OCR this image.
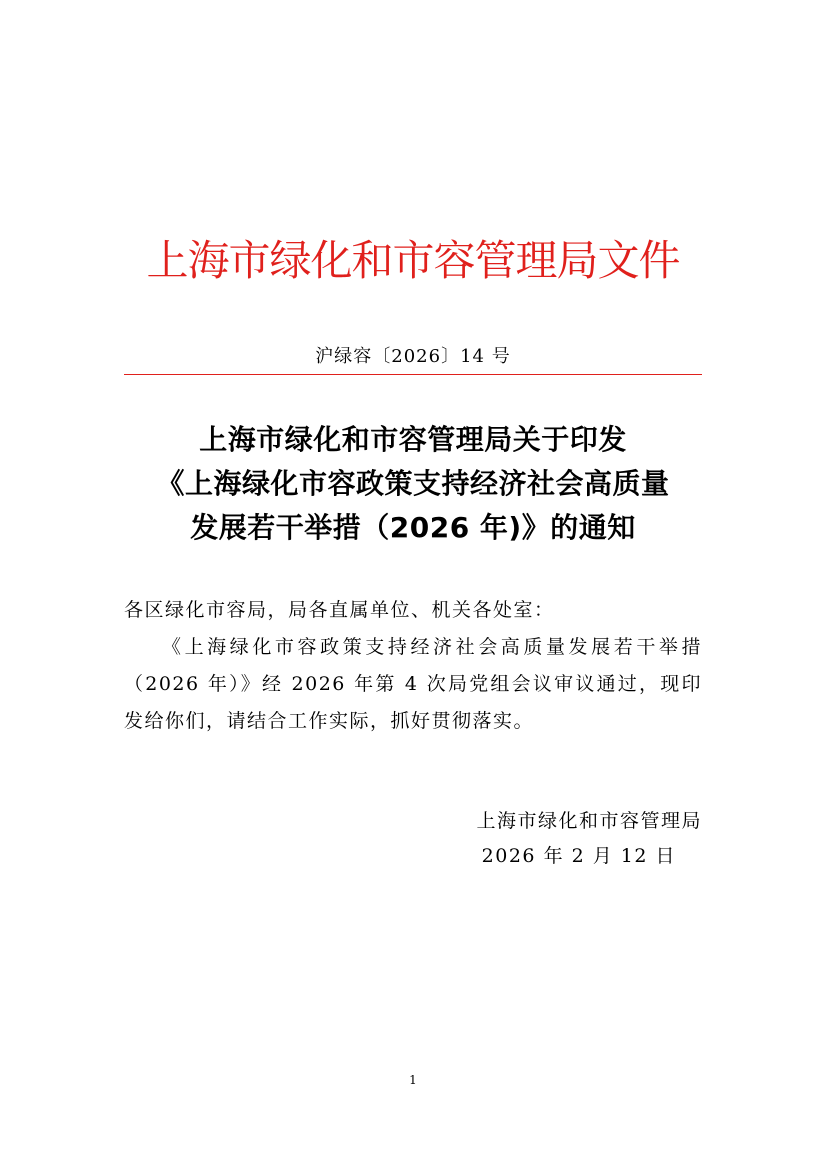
上海市绿化和市容管理局文件
沪绿容〔2026〕14 号
上海市绿化和市容管理局关于印发
《上海绿化市容政策支持经济社会高质量
发展若干举措（2026 年)》的通知

各区绿化市容局，局各直属单位、机关各处室：

《上海绿化市容政策支持经济社会高质量发展若干举措（2026 年）》经 2026 年第 4 次局党组会议审议通过，现印发给你们，请结合工作实际，抓好贯彻落实。

上海市绿化和市容管理局
2026 年 2 月 12 日
1
